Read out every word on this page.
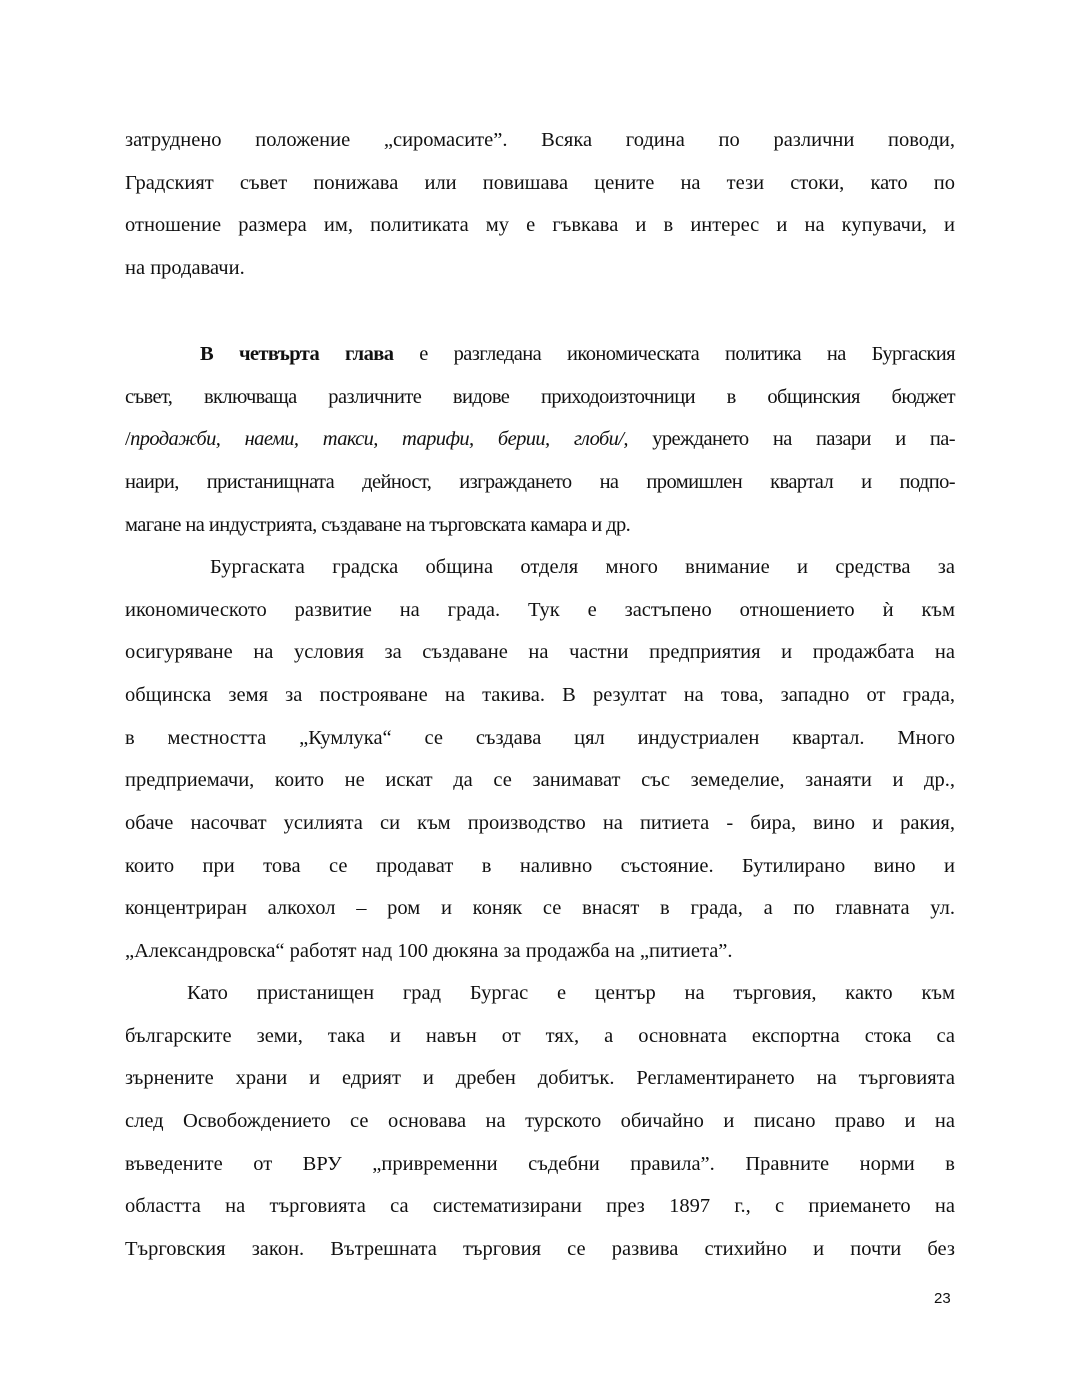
затруднено положение „сиромасите”. Всяка година по различни поводи,
Градският съвет понижава или повишава цените на тези стоки, като по
отношение размера им, политиката му е гъвкава и в интерес и на купувачи, и
на продавачи.
В четвърта глава е разгледана икономическата политика на Бургаския
съвет, включваща различните видове приходоизточници в общинския бюджет
/продажби, наеми, такси, тарифи, берии, глоби/, уреждането на пазари и па-
наири, пристанищната дейност, изграждането на промишлен квартал и подпо-
магане на индустрията, създаване на търговската камара и др.
Бургаската градска община отделя много внимание и средства за
икономическото развитие на града. Тук е застъпено отношението ѝ към
осигуряване на условия за създаване на частни предприятия и продажбата на
общинска земя за построяване на такива. В резултат на това, западно от града,
в местността „Кумлука“ се създава цял индустриален квартал. Много
предприемачи, които не искат да се занимават със земеделие, занаяти и др.,
обаче насочват усилията си към производство на питиета - бира, вино и ракия,
които при това се продават в наливно състояние. Бутилирано вино и
концентриран алкохол – ром и коняк се внасят в града, а по главната ул.
„Александровска“ работят над 100 дюкяна за продажба на „питиета”.
Като пристанищен град Бургас е център на търговия, както към
българските земи, така и навън от тях, а основната експортна стока са
зърнените храни и едрият и дребен добитък. Регламентирането на търговията
след Освобождението се основава на турското обичайно и писано право и на
въведените от ВРУ „привременни съдебни правила”. Правните норми в
областта на търговията са систематизирани през 1897 г., с приемането на
Търговския закон. Вътрешната търговия се развива стихийно и почти без
23
